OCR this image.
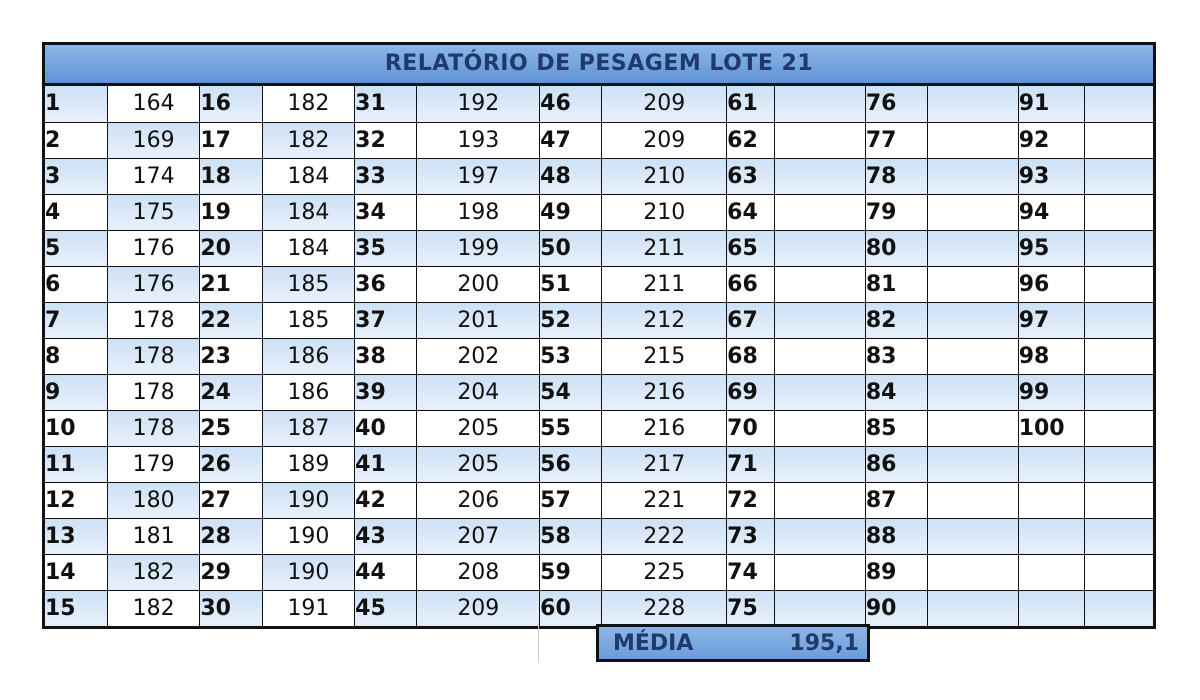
RELATÓRIO DE PESAGEM LOTE 21
1	164	16	182	31	192	46	209	61		76		91	
2	169	17	182	32	193	47	209	62		77		92	
3	174	18	184	33	197	48	210	63		78		93	
4	175	19	184	34	198	49	210	64		79		94	
5	176	20	184	35	199	50	211	65		80		95	
6	176	21	185	36	200	51	211	66		81		96	
7	178	22	185	37	201	52	212	67		82		97	
8	178	23	186	38	202	53	215	68		83		98	
9	178	24	186	39	204	54	216	69		84		99	
10	178	25	187	40	205	55	216	70		85		100	
11	179	26	189	41	205	56	217	71		86			
12	180	27	190	42	206	57	221	72		87			
13	181	28	190	43	207	58	222	73		88			
14	182	29	190	44	208	59	225	74		89			
15	182	30	191	45	209	60	228	75		90			
MÉDIA	195,1
